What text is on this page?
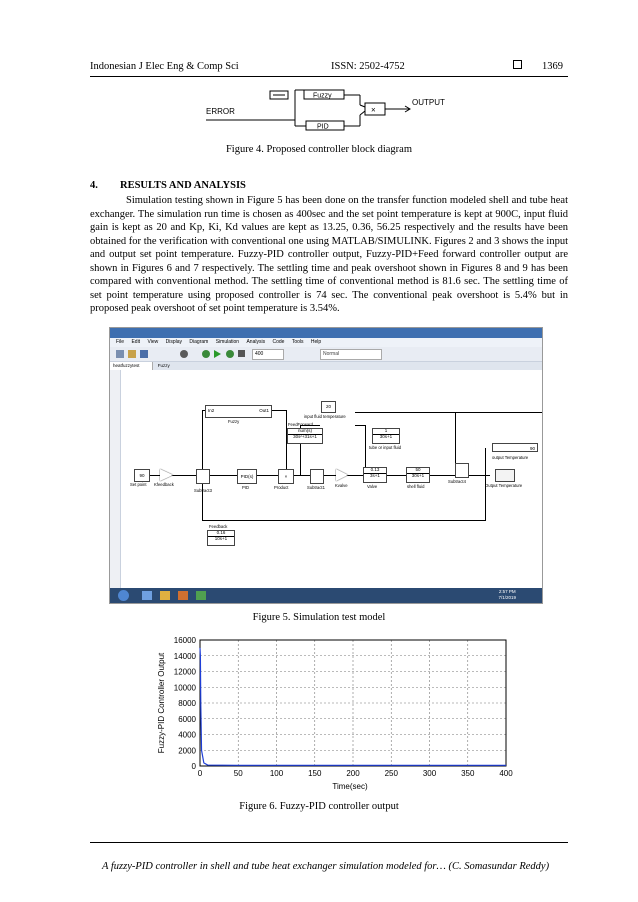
Indonesian J Elec Eng & Comp Sci	ISSN: 2502-4752	1369
ERROR
OUTPUT
Fuzzy
PID
×
Figure 4. Proposed controller block diagram
4. RESULTS AND ANALYSIS

Simulation testing shown in Figure 5 has been done on the transfer function modeled shell and tube heat exchanger. The simulation run time is chosen as 400sec and the set point temperature is kept at 900C, input fluid gain is kept as 20 and Kp, Ki, Kd values are kept as 13.25, 0.36, 56.25 respectively and the results have been obtained for the verification with conventional one using MATLAB/SIMULINK. Figures 2 and 3 shows the input and output set point temperature. Fuzzy-PID controller output, Fuzzy-PID+Feed forward controller output are shown in Figures 6 and 7 respectively. The settling time and peak overshoot shown in Figures 8 and 9 has been compared with conventional method. The settling time of conventional method is 81.6 sec. The settling time of set point temperature using proposed controller is 74 sec. The conventional peak overshoot is 5.4% but in proposed peak overshoot of set point temperature is 3.54%.

File Edit View Display Diagram Simulation Analysis Code Tools Help
400	Normal
heatfuzzytest	Fuzzy
90
Set point Kfeedback
Subtract3
In2	Out1
Fuzzy
PID(s)
PID
×
Product	Subtract1 Kvalve
$\frac{0.13}{3s+1}$
Valve
$\frac{50}{30s+1}$
shell fluid
Subtract4
Output Temperature
90
output Temperature
20
input fluid temperature
FeedForward
num(s)
30s²+31s+1	$\frac{1}{30s+1}$
tube or input fluid
Feedback
$\frac{0.16}{10s+1}$
2:57 PM
7/1/2019
Figure 5. Simulation test model
0
2000
4000
6000
8000
10000
12000
14000
16000
0	50	100	150	200	250	300	350	400
Time(sec)
Fuzzy-PID Controller Output
Figure 6. Fuzzy-PID controller output
A fuzzy-PID controller in shell and tube heat exchanger simulation modeled for… (C. Somasundar Reddy)
